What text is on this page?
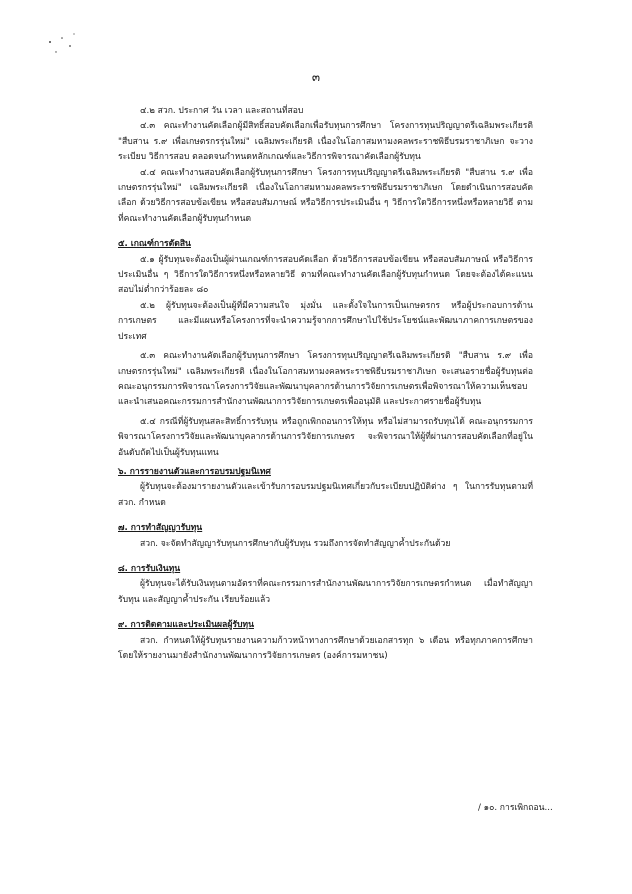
๓

๔.๒ สวก. ประกาศ วัน เวลา และสถานที่สอบ

๔.๓ คณะทำงานคัดเลือกผู้มีสิทธิ์สอบคัดเลือกเพื่อรับทุนการศึกษา โครงการทุนปริญญาตรีเฉลิมพระเกียรติ "สืบสาน ร.๙ เพื่อเกษตรกรรุ่นใหม่" เฉลิมพระเกียรติ เนื่องในโอกาสมหามงคลพระราชพิธีบรมราชาภิเษก จะวางระเบียบ วิธีการสอบ ตลอดจนกำหนดหลักเกณฑ์และวิธีการพิจารณาคัดเลือกผู้รับทุน

๔.๔ คณะทำงานสอบคัดเลือกผู้รับทุนการศึกษา โครงการทุนปริญญาตรีเฉลิมพระเกียรติ "สืบสาน ร.๙ เพื่อเกษตรกรรุ่นใหม่" เฉลิมพระเกียรติ เนื่องในโอกาสมหามงคลพระราชพิธีบรมราชาภิเษก โดยดำเนินการสอบคัดเลือก ด้วยวิธีการสอบข้อเขียน หรือสอบสัมภาษณ์ หรือวิธีการประเมินอื่น ๆ วิธีการใดวิธีการหนึ่งหรือหลายวิธี ตามที่คณะทำงานคัดเลือกผู้รับทุนกำหนด

๕. เกณฑ์การตัดสิน

๕.๑ ผู้รับทุนจะต้องเป็นผู้ผ่านเกณฑ์การสอบคัดเลือก ด้วยวิธีการสอบข้อเขียน หรือสอบสัมภาษณ์ หรือวิธีการประเมินอื่น ๆ วิธีการใดวิธีการหนึ่งหรือหลายวิธี ตามที่คณะทำงานคัดเลือกผู้รับทุนกำหนด โดยจะต้องได้คะแนนสอบไม่ต่ำกว่าร้อยละ ๘๐

๕.๒ ผู้รับทุนจะต้องเป็นผู้ที่มีความสนใจ มุ่งมั่น และตั้งใจในการเป็นเกษตรกร หรือผู้ประกอบการด้านการเกษตร และมีแผนหรือโครงการที่จะนำความรู้จากการศึกษาไปใช้ประโยชน์และพัฒนาภาคการเกษตรของประเทศ

๕.๓ คณะทำงานคัดเลือกผู้รับทุนการศึกษา โครงการทุนปริญญาตรีเฉลิมพระเกียรติ "สืบสาน ร.๙ เพื่อเกษตรกรรุ่นใหม่" เฉลิมพระเกียรติ เนื่องในโอกาสมหามงคลพระราชพิธีบรมราชาภิเษก จะเสนอรายชื่อผู้รับทุนต่อคณะอนุกรรมการพิจารณาโครงการวิจัยและพัฒนาบุคลากรด้านการวิจัยการเกษตรเพื่อพิจารณาให้ความเห็นชอบ และนำเสนอคณะกรรมการสำนักงานพัฒนาการวิจัยการเกษตรเพื่ออนุมัติ และประกาศรายชื่อผู้รับทุน

๕.๔ กรณีที่ผู้รับทุนสละสิทธิ์การรับทุน หรือถูกเพิกถอนการให้ทุน หรือไม่สามารถรับทุนได้ คณะอนุกรรมการพิจารณาโครงการวิจัยและพัฒนาบุคลากรด้านการวิจัยการเกษตร จะพิจารณาให้ผู้ที่ผ่านการสอบคัดเลือกที่อยู่ในอันดับถัดไปเป็นผู้รับทุนแทน

๖. การรายงานตัวและการอบรมปฐมนิเทศ

ผู้รับทุนจะต้องมารายงานตัวและเข้ารับการอบรมปฐมนิเทศเกี่ยวกับระเบียบปฏิบัติต่าง ๆ ในการรับทุนตามที่ สวก. กำหนด

๗. การทำสัญญารับทุน

สวก. จะจัดทำสัญญารับทุนการศึกษากับผู้รับทุน รวมถึงการจัดทำสัญญาค้ำประกันด้วย

๘. การรับเงินทุน

ผู้รับทุนจะได้รับเงินทุนตามอัตราที่คณะกรรมการสำนักงานพัฒนาการวิจัยการเกษตรกำหนด เมื่อทำสัญญารับทุน และสัญญาค้ำประกัน เรียบร้อยแล้ว

๙. การติดตามและประเมินผลผู้รับทุน

สวก. กำหนดให้ผู้รับทุนรายงานความก้าวหน้าทางการศึกษาด้วยเอกสารทุก ๖ เดือน หรือทุกภาคการศึกษา โดยให้รายงานมายังสำนักงานพัฒนาการวิจัยการเกษตร (องค์การมหาชน)

/ ๑๐. การเพิกถอน...
